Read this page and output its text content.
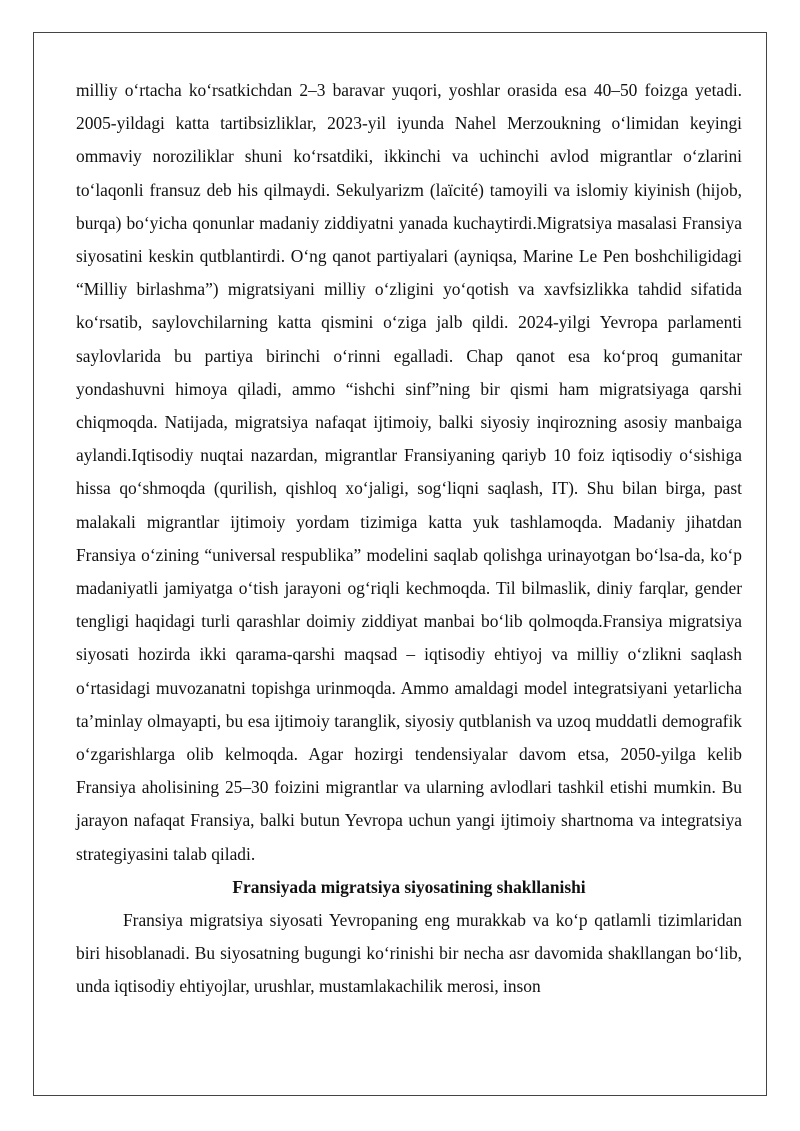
milliy o‘rtacha ko‘rsatkichdan 2–3 baravar yuqori, yoshlar orasida esa 40–50 foizga yetadi. 2005-yildagi katta tartibsizliklar, 2023-yil iyunda Nahel Merzoukning o‘limidan keyingi ommaviy noroziliklar shuni ko‘rsatdiki, ikkinchi va uchinchi avlod migrantlar o‘zlarini to‘laqonli fransuz deb his qilmaydi. Sekulyarizm (laïcité) tamoyili va islomiy kiyinish (hijob, burqa) bo‘yicha qonunlar madaniy ziddiyatni yanada kuchaytirdi.Migratsiya masalasi Fransiya siyosatini keskin qutblantirdi. O‘ng qanot partiyalari (ayniqsa, Marine Le Pen boshchiligidagi “Milliy birlashma”) migratsiyani milliy o‘zligini yo‘qotish va xavfsizlikka tahdid sifatida ko‘rsatib, saylovchilarning katta qismini o‘ziga jalb qildi. 2024-yilgi Yevropa parlamenti saylovlarida bu partiya birinchi o‘rinni egalladi. Chap qanot esa ko‘proq gumanitar yondashuvni himoya qiladi, ammo “ishchi sinf”ning bir qismi ham migratsiyaga qarshi chiqmoqda. Natijada, migratsiya nafaqat ijtimoiy, balki siyosiy inqirozning asosiy manbaiga aylandi.Iqtisodiy nuqtai nazardan, migrantlar Fransiyaning qariyb 10 foiz iqtisodiy o‘sishiga hissa qo‘shmoqda (qurilish, qishloq xo‘jaligi, sog‘liqni saqlash, IT). Shu bilan birga, past malakali migrantlar ijtimoiy yordam tizimiga katta yuk tashlamoqda. Madaniy jihatdan Fransiya o‘zining “universal respublika” modelini saqlab qolishga urinayotgan bo‘lsa-da, ko‘p madaniyatli jamiyatga o‘tish jarayoni og‘riqli kechmoqda. Til bilmaslik, diniy farqlar, gender tengligi haqidagi turli qarashlar doimiy ziddiyat manbai bo‘lib qolmoqda.Fransiya migratsiya siyosati hozirda ikki qarama-qarshi maqsad – iqtisodiy ehtiyoj va milliy o‘zlikni saqlash o‘rtasidagi muvozanatni topishga urinmoqda. Ammo amaldagi model integratsiyani yetarlicha ta’minlay olmayapti, bu esa ijtimoiy taranglik, siyosiy qutblanish va uzoq muddatli demografik o‘zgarishlarga olib kelmoqda. Agar hozirgi tendensiyalar davom etsa, 2050-yilga kelib Fransiya aholisining 25–30 foizini migrantlar va ularning avlodlari tashkil etishi mumkin. Bu jarayon nafaqat Fransiya, balki butun Yevropa uchun yangi ijtimoiy shartnoma va integratsiya strategiyasini talab qiladi.

Fransiyada migratsiya siyosatining shakllanishi

Fransiya migratsiya siyosati Yevropaning eng murakkab va ko‘p qatlamli tizimlaridan biri hisoblanadi. Bu siyosatning bugungi ko‘rinishi bir necha asr davomida shakllangan bo‘lib, unda iqtisodiy ehtiyojlar, urushlar, mustamlakachilik merosi, inson
